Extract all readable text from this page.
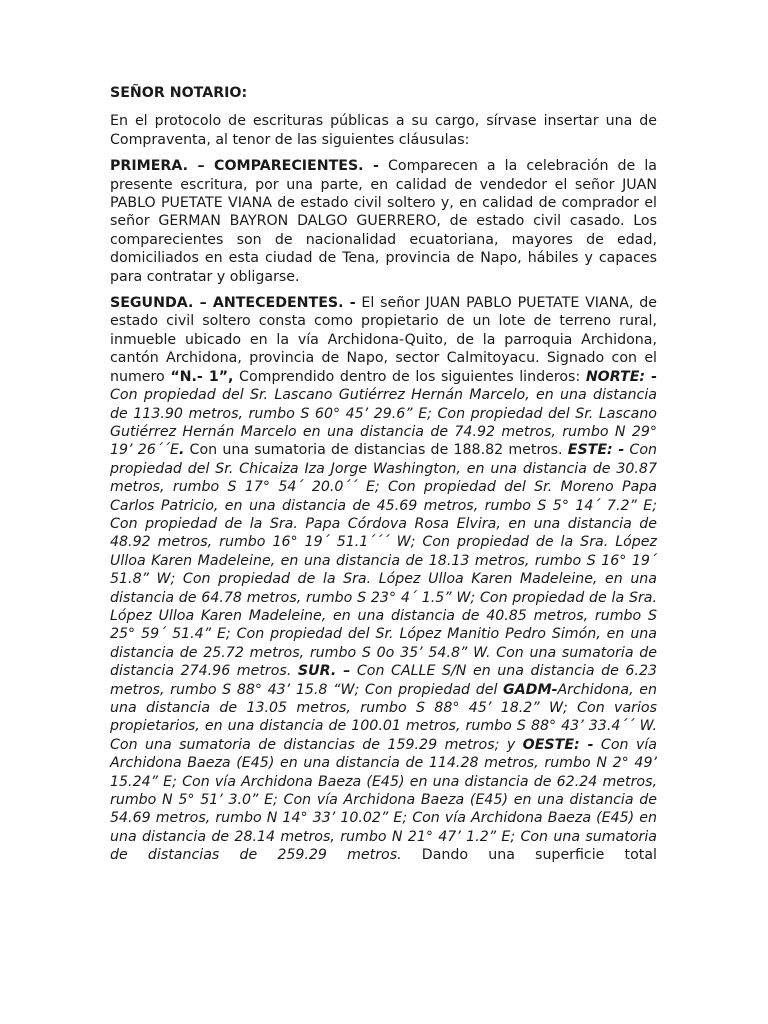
SEÑOR NOTARIO:

En el protocolo de escrituras públicas a su cargo, sírvase insertar una de Compraventa, al tenor de las siguientes cláusulas:

PRIMERA. – COMPARECIENTES. - Comparecen a la celebración de la presente escritura, por una parte, en calidad de vendedor el señor JUAN PABLO PUETATE VIANA de estado civil soltero y, en calidad de comprador el señor GERMAN BAYRON DALGO GUERRERO, de estado civil casado. Los comparecientes son de nacionalidad ecuatoriana, mayores de edad, domiciliados en esta ciudad de Tena, provincia de Napo, hábiles y capaces para contratar y obligarse.

SEGUNDA. – ANTECEDENTES. - El señor JUAN PABLO PUETATE VIANA, de estado civil soltero consta como propietario de un lote de terreno rural, inmueble ubicado en la vía Archidona-Quito, de la parroquia Archidona, cantón Archidona, provincia de Napo, sector Calmitoyacu. Signado con el numero “N.- 1”, Comprendido dentro de los siguientes linderos: NORTE: - Con propiedad del Sr. Lascano Gutiérrez Hernán Marcelo, en una distancia de 113.90 metros, rumbo S 60° 45’ 29.6” E; Con propiedad del Sr. Lascano Gutiérrez Hernán Marcelo en una distancia de 74.92 metros, rumbo N 29° 19’ 26´´E. Con una sumatoria de distancias de 188.82 metros. ESTE: - Con propiedad del Sr. Chicaiza Iza Jorge Washington, en una distancia de 30.87 metros, rumbo S 17° 54´ 20.0´´ E; Con propiedad del Sr. Moreno Papa Carlos Patricio, en una distancia de 45.69 metros, rumbo S 5° 14´ 7.2” E; Con propiedad de la Sra. Papa Córdova Rosa Elvira, en una distancia de 48.92 metros, rumbo 16° 19´ 51.1´´´ W; Con propiedad de la Sra. López Ulloa Karen Madeleine, en una distancia de 18.13 metros, rumbo S 16° 19´ 51.8” W; Con propiedad de la Sra. López Ulloa Karen Madeleine, en una distancia de 64.78 metros, rumbo S 23° 4´ 1.5” W; Con propiedad de la Sra. López Ulloa Karen Madeleine, en una distancia de 40.85 metros, rumbo S 25° 59´ 51.4” E; Con propiedad del Sr. López Manitio Pedro Simón, en una distancia de 25.72 metros, rumbo S 0o 35’ 54.8” W. Con una sumatoria de distancia 274.96 metros. SUR. – Con CALLE S/N en una distancia de 6.23 metros, rumbo S 88° 43’ 15.8 “W; Con propiedad del GADM-Archidona, en una distancia de 13.05 metros, rumbo S 88° 45’ 18.2” W; Con varios propietarios, en una distancia de 100.01 metros, rumbo S 88° 43’ 33.4´´ W. Con una sumatoria de distancias de 159.29 metros; y OESTE: - Con vía Archidona Baeza (E45) en una distancia de 114.28 metros, rumbo N 2° 49’ 15.24” E; Con vía Archidona Baeza (E45) en una distancia de 62.24 metros, rumbo N 5° 51’ 3.0” E; Con vía Archidona Baeza (E45) en una distancia de 54.69 metros, rumbo N 14° 33’ 10.02” E; Con vía Archidona Baeza (E45) en una distancia de 28.14 metros, rumbo N 21° 47’ 1.2” E; Con una sumatoria de distancias de 259.29 metros. Dando una superficie total
